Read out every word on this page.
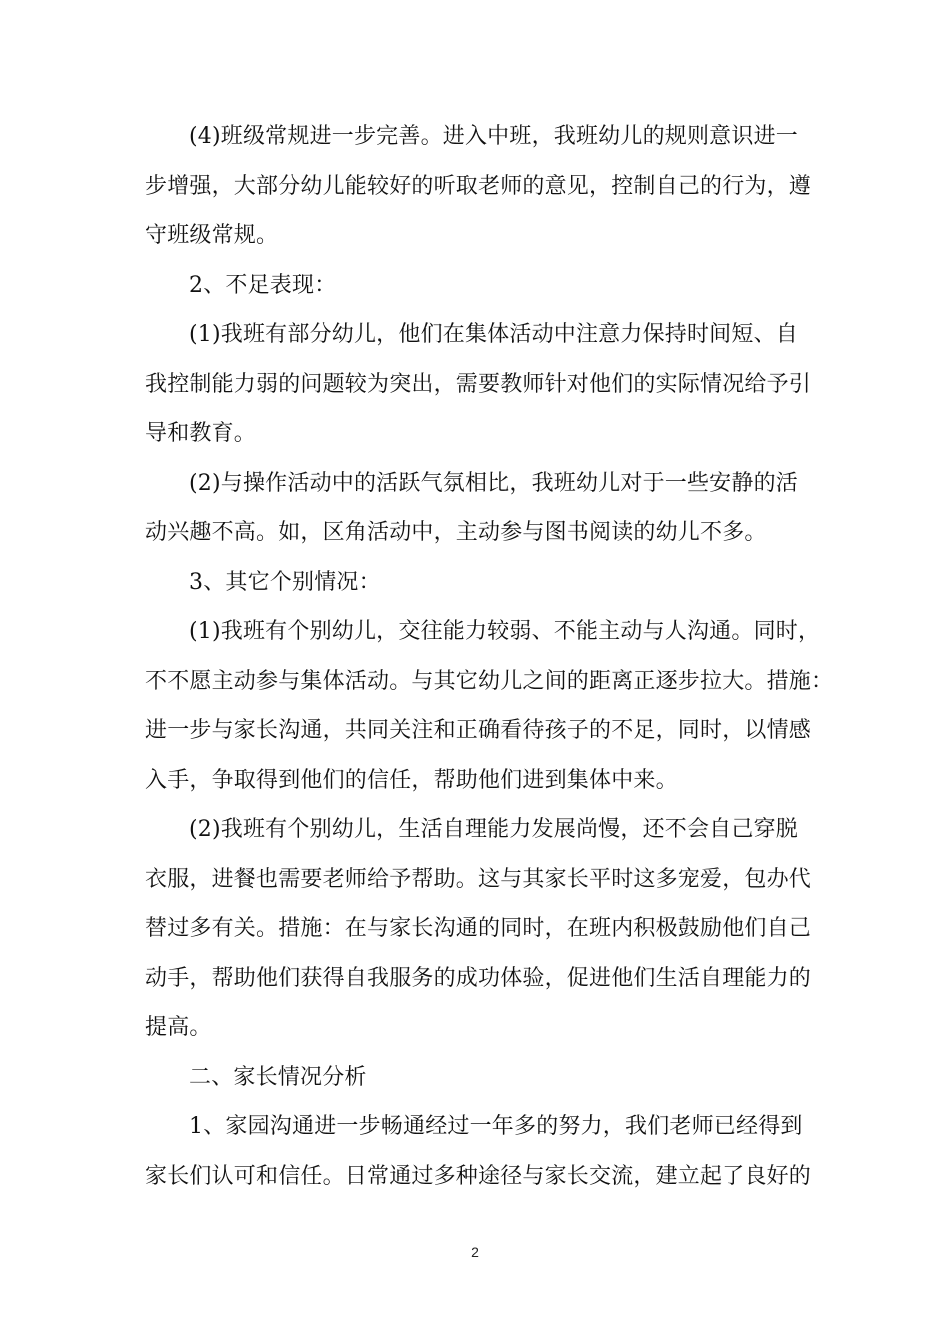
(4)班级常规进一步完善。进入中班，我班幼儿的规则意识进一
步增强，大部分幼儿能较好的听取老师的意见，控制自己的行为，遵
守班级常规。

2、不足表现：

(1)我班有部分幼儿，他们在集体活动中注意力保持时间短、自
我控制能力弱的问题较为突出，需要教师针对他们的实际情况给予引
导和教育。

(2)与操作活动中的活跃气氛相比，我班幼儿对于一些安静的活
动兴趣不高。如，区角活动中，主动参与图书阅读的幼儿不多。

3、其它个别情况：

(1)我班有个别幼儿，交往能力较弱、不能主动与人沟通。同时，
不不愿主动参与集体活动。与其它幼儿之间的距离正逐步拉大。措施：
进一步与家长沟通，共同关注和正确看待孩子的不足，同时，以情感
入手，争取得到他们的信任，帮助他们进到集体中来。

(2)我班有个别幼儿，生活自理能力发展尚慢，还不会自己穿脱
衣服，进餐也需要老师给予帮助。这与其家长平时这多宠爱，包办代
替过多有关。措施：在与家长沟通的同时，在班内积极鼓励他们自己
动手，帮助他们获得自我服务的成功体验，促进他们生活自理能力的
提高。

二、家长情况分析

1、家园沟通进一步畅通经过一年多的努力，我们老师已经得到
家长们认可和信任。日常通过多种途径与家长交流，建立起了良好的

2
